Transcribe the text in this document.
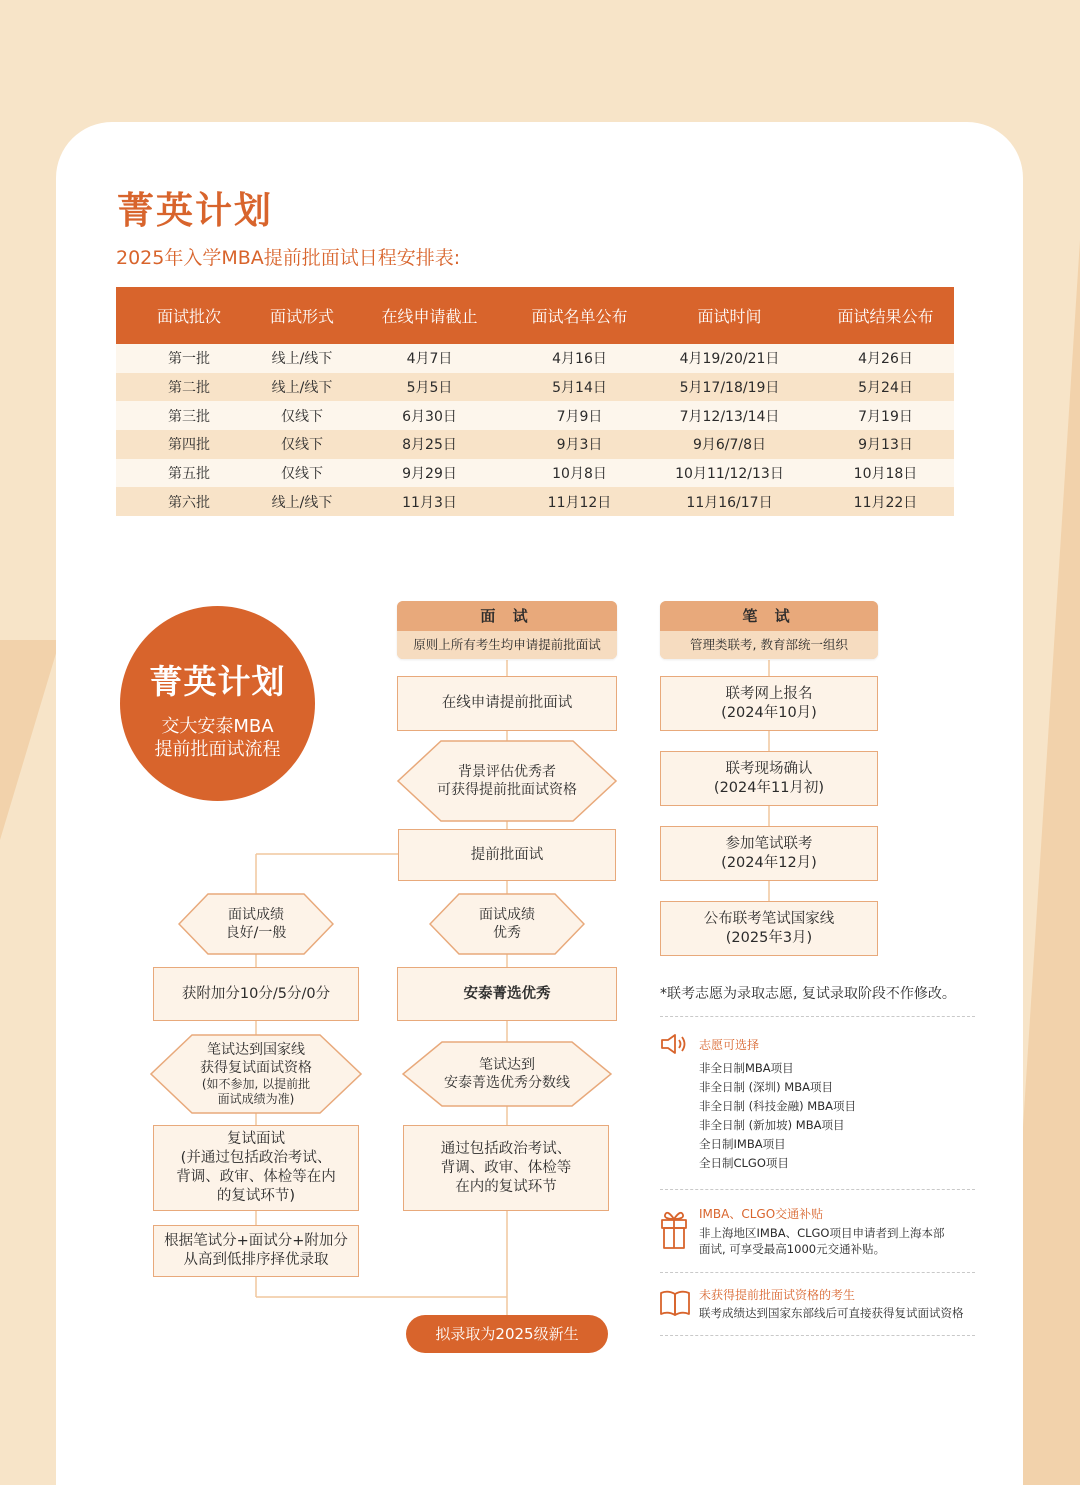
菁英计划
2025年入学MBA提前批面试日程安排表:
面试批次	面试形式	在线申请截止	面试名单公布	面试时间	面试结果公布
第一批	线上/线下	4月7日	4月16日	4月19/20/21日	4月26日
第二批	线上/线下	5月5日	5月14日	5月17/18/19日	5月24日
第三批	仅线下	6月30日	7月9日	7月12/13/14日	7月19日
第四批	仅线下	8月25日	9月3日	9月6/7/8日	9月13日
第五批	仅线下	9月29日	10月8日	10月11/12/13日	10月18日
第六批	线上/线下	11月3日	11月12日	11月16/17日	11月22日
菁英计划
交大安泰MBA
提前批面试流程
面 试
原则上所有考生均申请提前批面试
笔 试
管理类联考, 教育部统一组织
在线申请提前批面试
背景评估优秀者
可获得提前批面试资格
提前批面试
面试成绩
优秀
安泰菁选优秀
笔试达到
安泰菁选优秀分数线
通过包括政治考试、
背调、政审、体检等
在内的复试环节
面试成绩
良好/一般
获附加分10分/5分/0分
笔试达到国家线
获得复试面试资格
(如不参加, 以提前批
面试成绩为准)
复试面试
(并通过包括政治考试、
背调、政审、体检等在内
的复试环节)
根据笔试分+面试分+附加分
从高到低排序择优录取
拟录取为2025级新生
联考网上报名
(2024年10月)
联考现场确认
(2024年11月初)
参加笔试联考
(2024年12月)
公布联考笔试国家线
(2025年3月)
*联考志愿为录取志愿, 复试录取阶段不作修改。
志愿可选择
非全日制MBA项目
非全日制 (深圳) MBA项目
非全日制 (科技金融) MBA项目
非全日制 (新加坡) MBA项目
全日制IMBA项目
全日制CLGO项目
IMBA、CLGO交通补贴
非上海地区IMBA、CLGO项目申请者到上海本部
面试, 可享受最高1000元交通补贴。
未获得提前批面试资格的考生
联考成绩达到国家东部线后可直接获得复试面试资格
